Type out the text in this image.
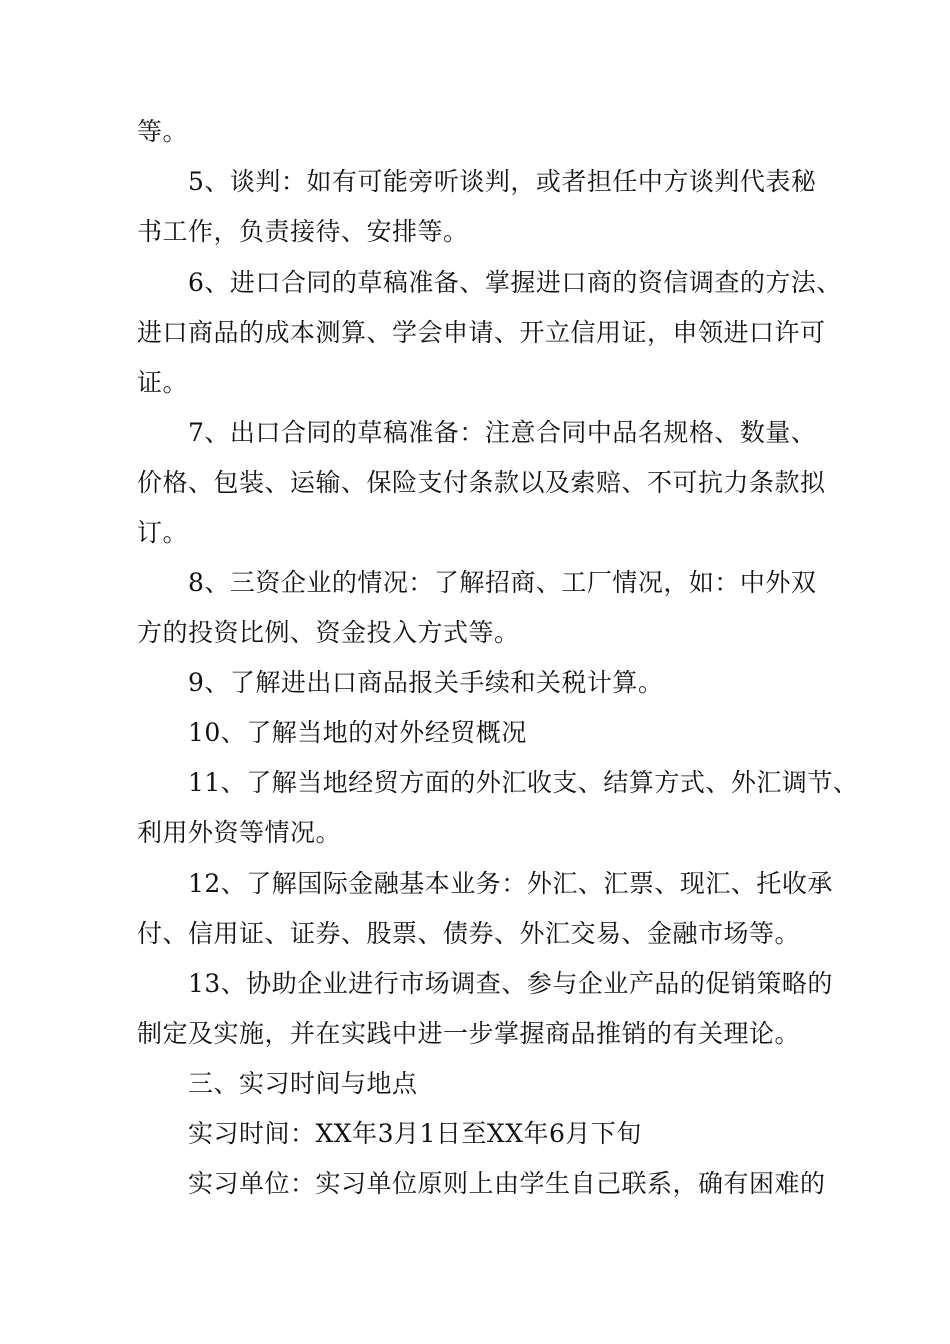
等。
5、谈判：如有可能旁听谈判，或者担任中方谈判代表秘
书工作，负责接待、安排等。
6、进口合同的草稿准备、掌握进口商的资信调查的方法、
进口商品的成本测算、学会申请、开立信用证，申领进口许可
证。
7、出口合同的草稿准备：注意合同中品名规格、数量、
价格、包装、运输、保险支付条款以及索赔、不可抗力条款拟
订。
8、三资企业的情况：了解招商、工厂情况，如：中外双
方的投资比例、资金投入方式等。
9、了解进出口商品报关手续和关税计算。
10、了解当地的对外经贸概况
11、了解当地经贸方面的外汇收支、结算方式、外汇调节、
利用外资等情况。
12、了解国际金融基本业务：外汇、汇票、现汇、托收承
付、信用证、证券、股票、债券、外汇交易、金融市场等。
13、协助企业进行市场调查、参与企业产品的促销策略的
制定及实施，并在实践中进一步掌握商品推销的有关理论。
三、实习时间与地点
实习时间：XX年3月1日至XX年6月下旬
实习单位：实习单位原则上由学生自己联系，确有困难的
